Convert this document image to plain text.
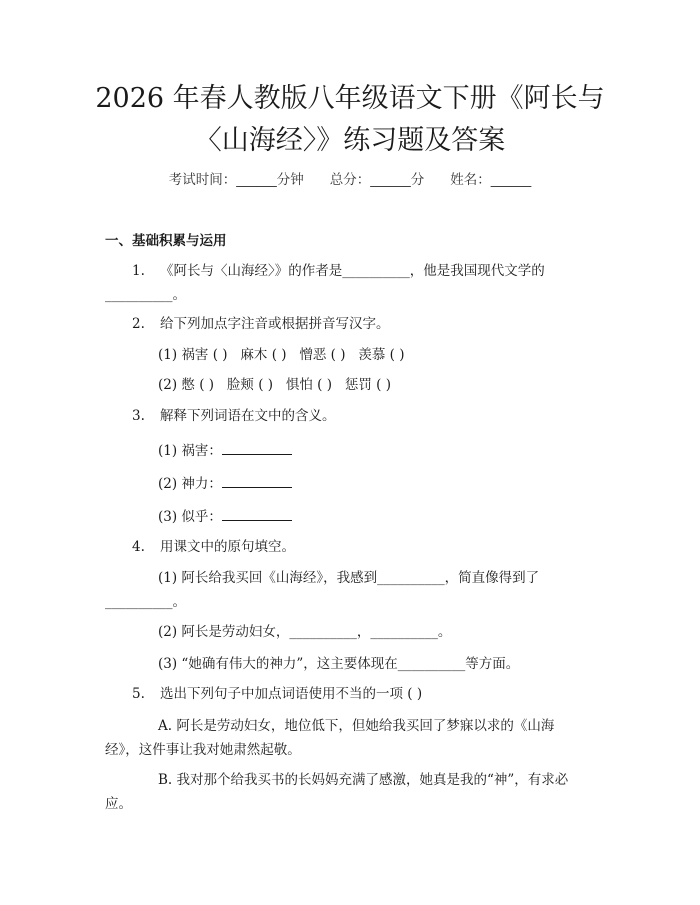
2026 年春人教版八年级语文下册《阿长与
〈山海经〉》练习题及答案
考试时间：______分钟 总分：______分 姓名：______
一、基础积累与运用
1. 《阿长与〈山海经〉》的作者是__________，他是我国现代文学的
__________。
2. 给下列加点字注音或根据拼音写汉字。
(1) 祸害 ( )   麻木 ( )   憎恶 ( )   羡慕 ( )
(2) 憋 ( )   脸颊 ( )   惧怕 ( )   惩罚 ( )
3. 解释下列词语在文中的含义。
(1) 祸害：
(2) 神力：
(3) 似乎：
4. 用课文中的原句填空。
(1) 阿长给我买回《山海经》，我感到__________，简直像得到了
__________。
(2) 阿长是劳动妇女，__________，__________。
(3) “她确有伟大的神力”，这主要体现在__________等方面。
5. 选出下列句子中加点词语使用不当的一项 ( )
A. 阿长是劳动妇女，地位低下，但她给我买回了梦寐以求的《山海
经》，这件事让我对她肃然起敬。
B. 我对那个给我买书的长妈妈充满了感激，她真是我的“神”，有求必
应。
